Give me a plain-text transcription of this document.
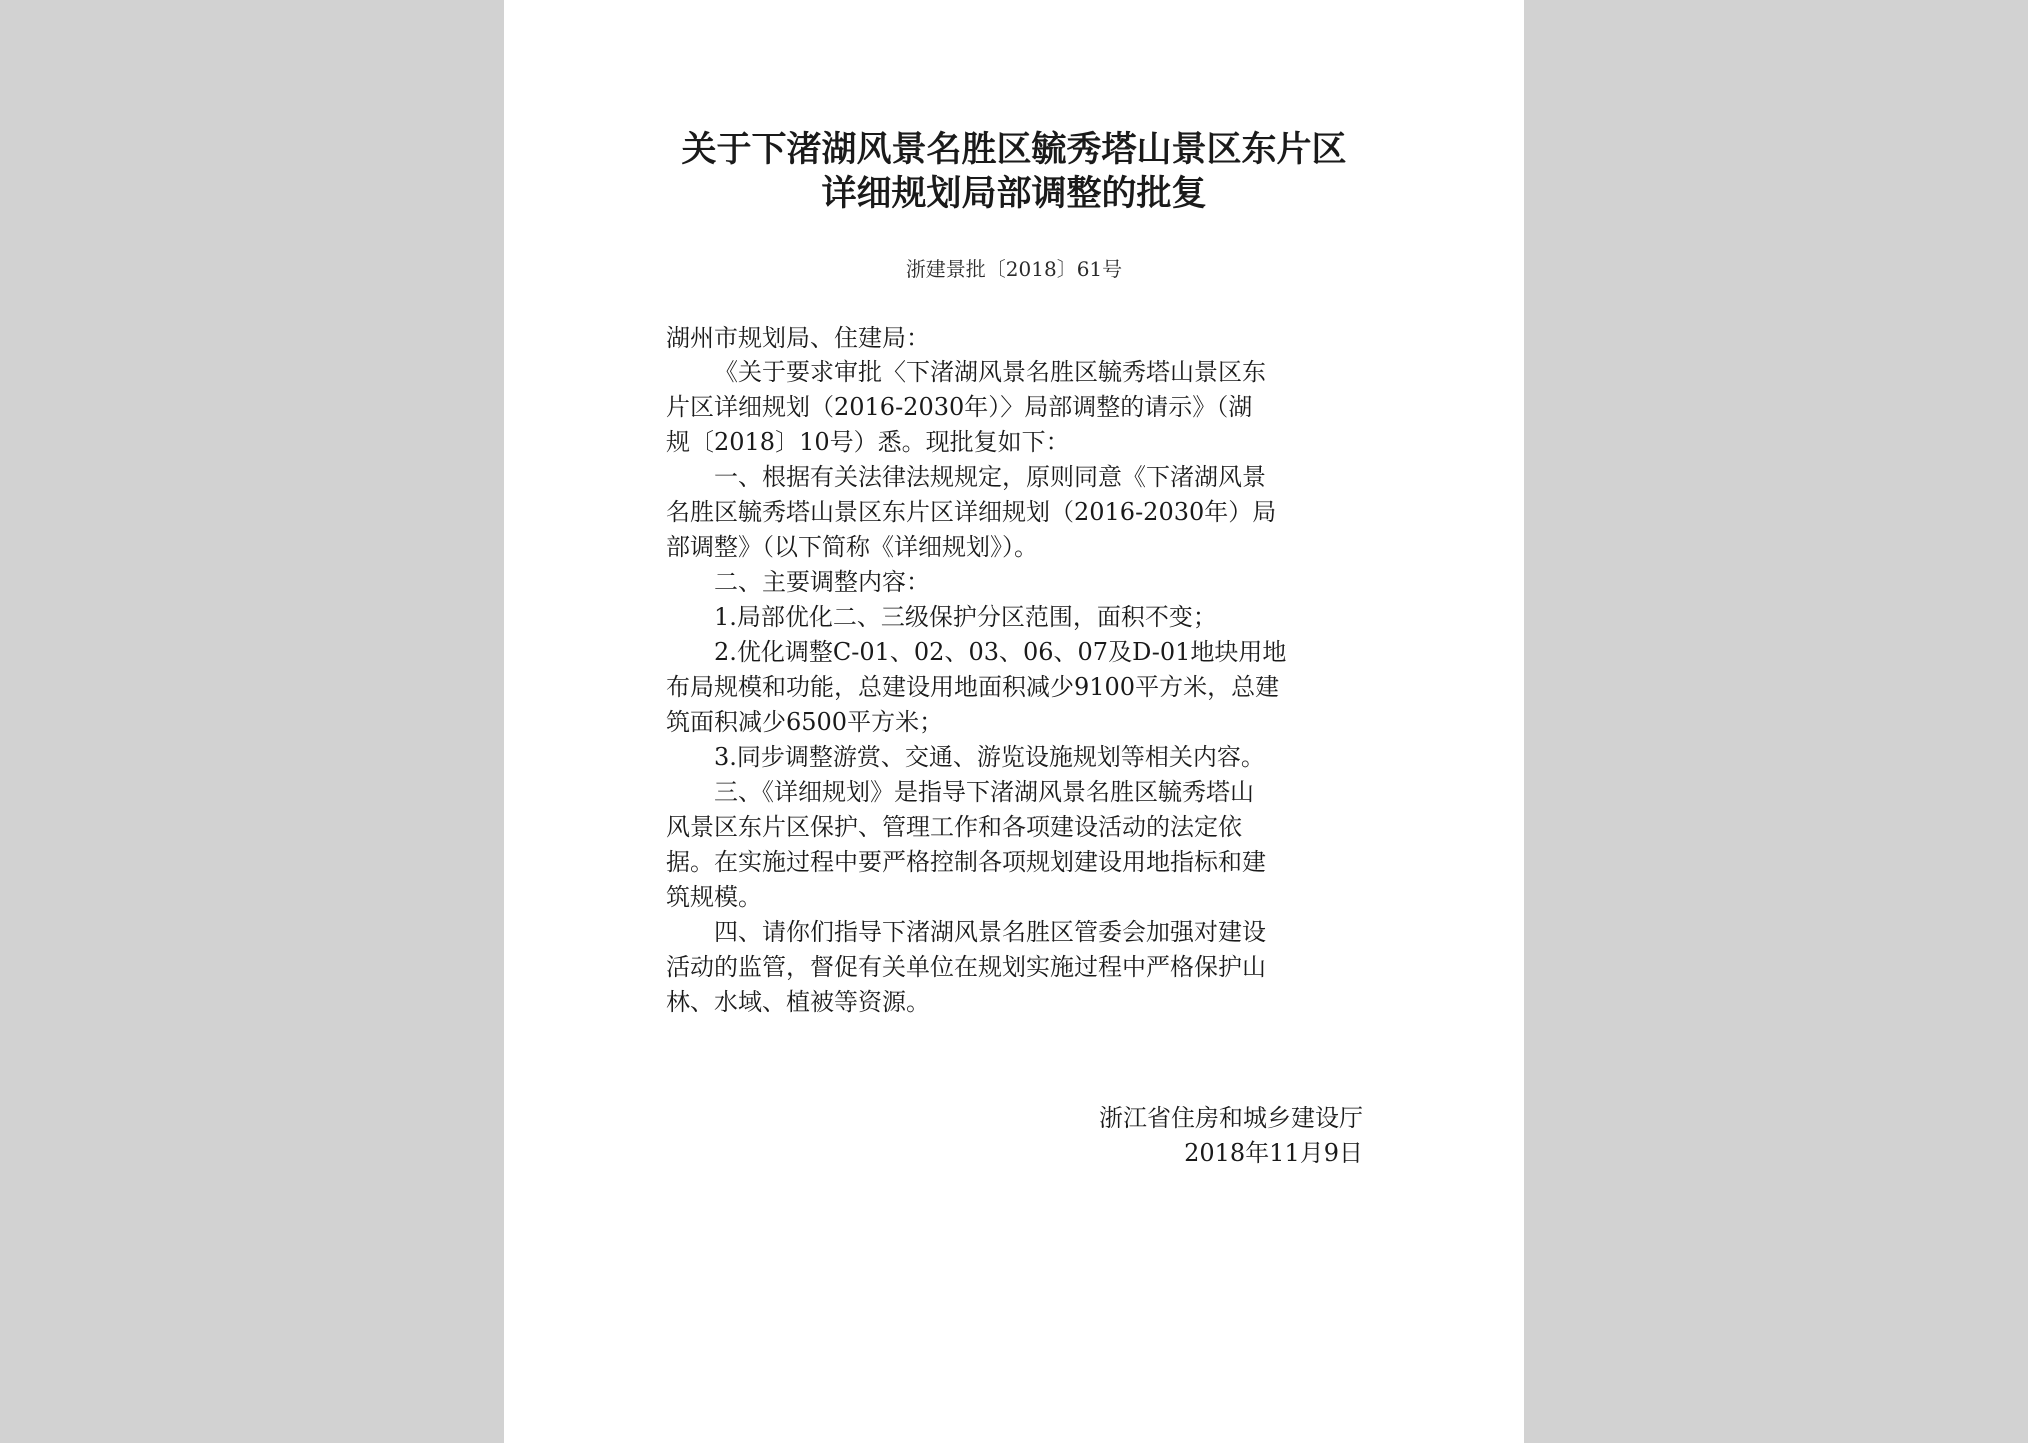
关于下渚湖风景名胜区毓秀塔山景区东片区
详细规划局部调整的批复
浙建景批〔2018〕61号
湖州市规划局、住建局：
《关于要求审批〈下渚湖风景名胜区毓秀塔山景区东
片区详细规划（2016-2030年）〉局部调整的请示》（湖
规〔2018〕10号）悉。现批复如下：
一、根据有关法律法规规定，原则同意《下渚湖风景
名胜区毓秀塔山景区东片区详细规划（2016-2030年）局
部调整》（以下简称《详细规划》）。
二、主要调整内容：
1.局部优化二、三级保护分区范围，面积不变；
2.优化调整C-01、02、03、06、07及D-01地块用地
布局规模和功能，总建设用地面积减少9100平方米，总建
筑面积减少6500平方米；
3.同步调整游赏、交通、游览设施规划等相关内容。
三、《详细规划》是指导下渚湖风景名胜区毓秀塔山
风景区东片区保护、管理工作和各项建设活动的法定依
据。在实施过程中要严格控制各项规划建设用地指标和建
筑规模。
四、请你们指导下渚湖风景名胜区管委会加强对建设
活动的监管，督促有关单位在规划实施过程中严格保护山
林、水域、植被等资源。
浙江省住房和城乡建设厅
2018年11月9日
